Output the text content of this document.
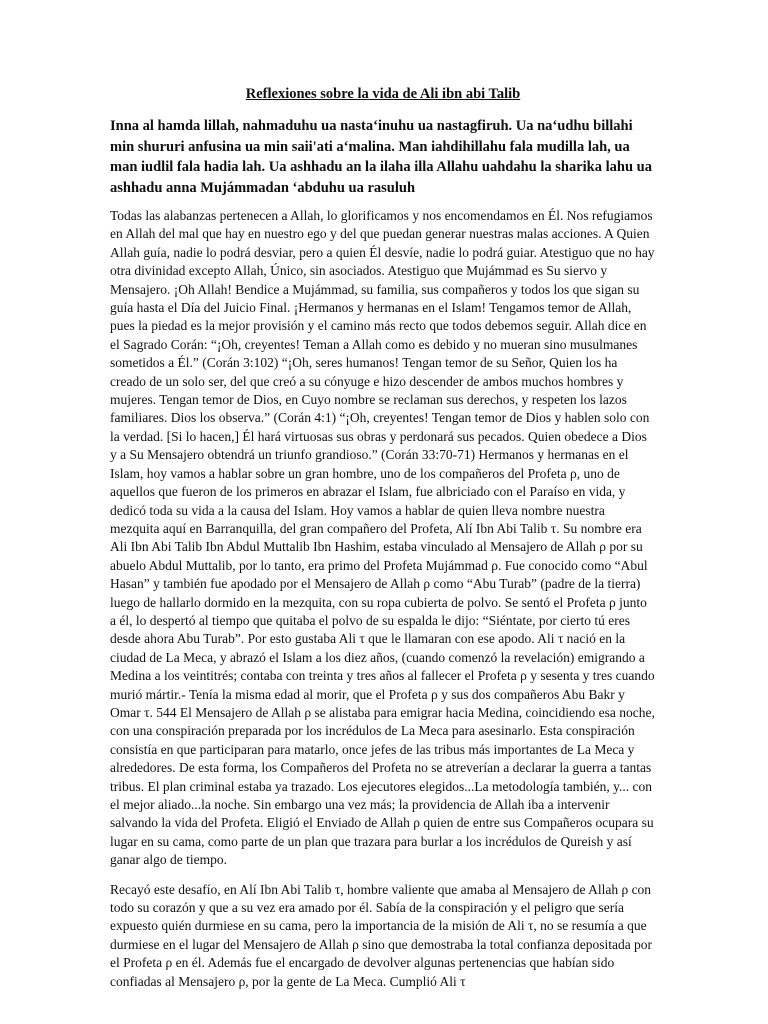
Reflexiones sobre la vida de Ali ibn abi Talib

Inna al hamda lillah, nahmaduhu ua nasta‘inuhu ua nastagfiruh. Ua na‘udhu billahi min shururi anfusina ua min saii'ati a‘malina. Man iahdihillahu fala mudilla lah, ua man iudlil fala hadia lah. Ua ashhadu an la ilaha illa Allahu uahdahu la sharika lahu ua ashhadu anna Mujámmadan ‘abduhu ua rasuluh

Todas las alabanzas pertenecen a Allah, lo glorificamos y nos encomendamos en Él. Nos refugiamos en Allah del mal que hay en nuestro ego y del que puedan generar nuestras malas acciones. A Quien Allah guía, nadie lo podrá desviar, pero a quien Él desvíe, nadie lo podrá guiar. Atestiguo que no hay otra divinidad excepto Allah, Único, sin asociados. Atestiguo que Mujámmad es Su siervo y Mensajero. ¡Oh Allah! Bendice a Mujámmad, su familia, sus compañeros y todos los que sigan su guía hasta el Día del Juicio Final. ¡Hermanos y hermanas en el Islam! Tengamos temor de Allah, pues la piedad es la mejor provisión y el camino más recto que todos debemos seguir. Allah dice en el Sagrado Corán: “¡Oh, creyentes! Teman a Allah como es debido y no mueran sino musulmanes sometidos a Él.” (Corán 3:102) “¡Oh, seres humanos! Tengan temor de su Señor, Quien los ha creado de un solo ser, del que creó a su cónyuge e hizo descender de ambos muchos hombres y mujeres. Tengan temor de Dios, en Cuyo nombre se reclaman sus derechos, y respeten los lazos familiares. Dios los observa.” (Corán 4:1) “¡Oh, creyentes! Tengan temor de Dios y hablen solo con la verdad. [Si lo hacen,] Él hará virtuosas sus obras y perdonará sus pecados. Quien obedece a Dios y a Su Mensajero obtendrá un triunfo grandioso.” (Corán 33:70-71) Hermanos y hermanas en el Islam, hoy vamos a hablar sobre un gran hombre, uno de los compañeros del Profeta ρ, uno de aquellos que fueron de los primeros en abrazar el Islam, fue albriciado con el Paraíso en vida, y dedicó toda su vida a la causa del Islam. Hoy vamos a hablar de quien lleva nombre nuestra mezquita aquí en Barranquilla, del gran compañero del Profeta, Alí Ibn Abi Talib τ. Su nombre era Ali Ibn Abi Talib Ibn Abdul Muttalib Ibn Hashim, estaba vinculado al Mensajero de Allah ρ por su abuelo Abdul Muttalib, por lo tanto, era primo del Profeta Mujámmad ρ. Fue conocido como “Abul Hasan” y también fue apodado por el Mensajero de Allah ρ como “Abu Turab” (padre de la tierra) luego de hallarlo dormido en la mezquita, con su ropa cubierta de polvo. Se sentó el Profeta ρ junto a él, lo despertó al tiempo que quitaba el polvo de su espalda le dijo: “Siéntate, por cierto tú eres desde ahora Abu Turab”. Por esto gustaba Ali τ que le llamaran con ese apodo. Ali τ nació en la ciudad de La Meca, y abrazó el Islam a los diez años, (cuando comenzó la revelación) emigrando a Medina a los veintitrés; contaba con treinta y tres años al fallecer el Profeta ρ y sesenta y tres cuando murió mártir.- Tenía la misma edad al morir, que el Profeta ρ y sus dos compañeros Abu Bakr y Omar τ. 544 El Mensajero de Allah ρ se alistaba para emigrar hacia Medina, coincidiendo esa noche, con una conspiración preparada por los incrédulos de La Meca para asesinarlo. Esta conspiración consistía en que participaran para matarlo, once jefes de las tribus más importantes de La Meca y alrededores. De esta forma, los Compañeros del Profeta no se atreverían a declarar la guerra a tantas tribus. El plan criminal estaba ya trazado. Los ejecutores elegidos...La metodología también, y... con el mejor aliado...la noche. Sin embargo una vez más; la providencia de Allah iba a intervenir salvando la vida del Profeta. Eligió el Enviado de Allah ρ quien de entre sus Compañeros ocupara su lugar en su cama, como parte de un plan que trazara para burlar a los incrédulos de Qureish y así ganar algo de tiempo.

Recayó este desafío, en Alí Ibn Abi Talib τ, hombre valiente que amaba al Mensajero de Allah ρ con todo su corazón y que a su vez era amado por él. Sabía de la conspiración y el peligro que sería expuesto quién durmiese en su cama, pero la importancia de la misión de Ali τ, no se resumía a que durmiese en el lugar del Mensajero de Allah ρ sino que demostraba la total confianza depositada por el Profeta ρ en él. Además fue el encargado de devolver algunas pertenencias que habían sido confiadas al Mensajero ρ, por la gente de La Meca. Cumplió Ali τ
